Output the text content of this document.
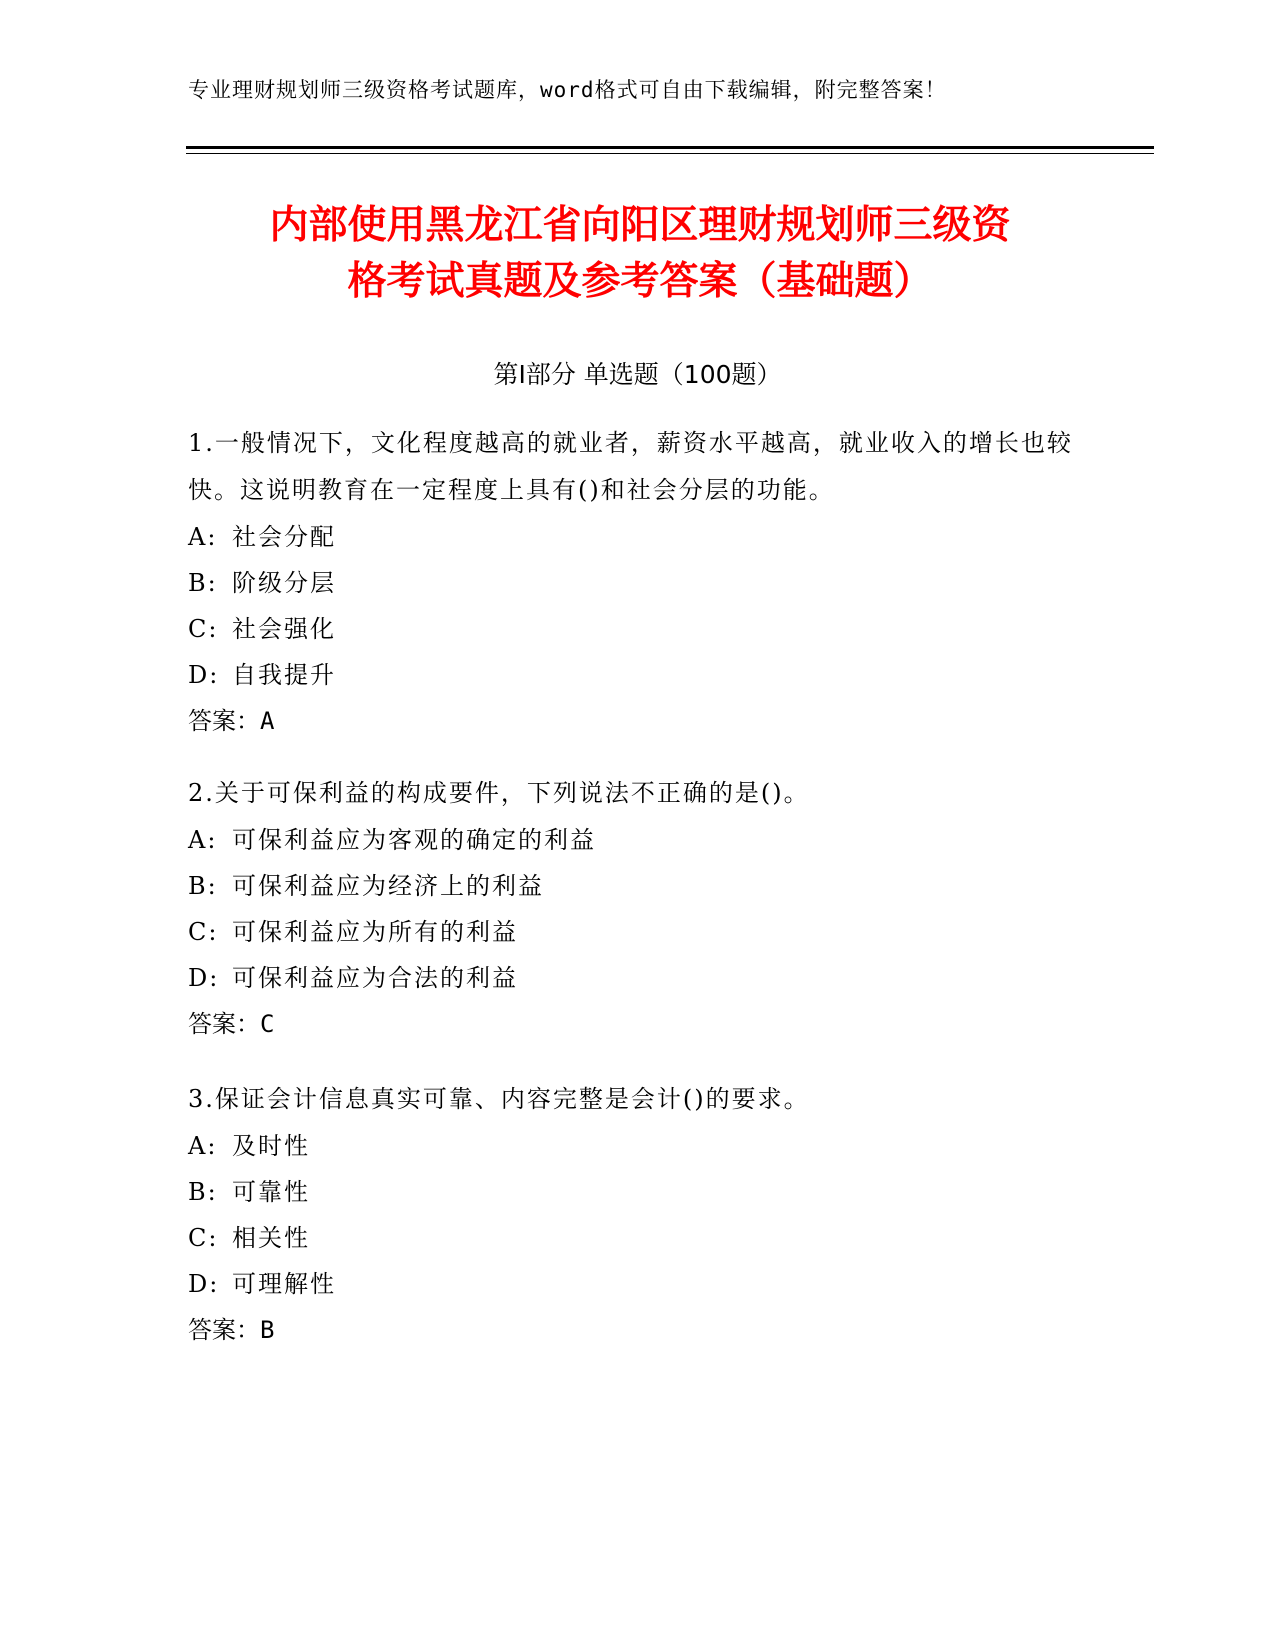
专业理财规划师三级资格考试题库，word格式可自由下载编辑，附完整答案！
内部使用黑龙江省向阳区理财规划师三级资
格考试真题及参考答案（基础题）
第Ⅰ部分 单选题（100题）

1.一般情况下，文化程度越高的就业者，薪资水平越高，就业收入的增长也较快。这说明教育在一定程度上具有()和社会分层的功能。

A: 社会分配

B: 阶级分层

C: 社会强化

D: 自我提升

答案：A

2.关于可保利益的构成要件，下列说法不正确的是()。

A: 可保利益应为客观的确定的利益

B: 可保利益应为经济上的利益

C: 可保利益应为所有的利益

D: 可保利益应为合法的利益

答案：C

3.保证会计信息真实可靠、内容完整是会计()的要求。

A: 及时性

B: 可靠性

C: 相关性

D: 可理解性

答案：B
